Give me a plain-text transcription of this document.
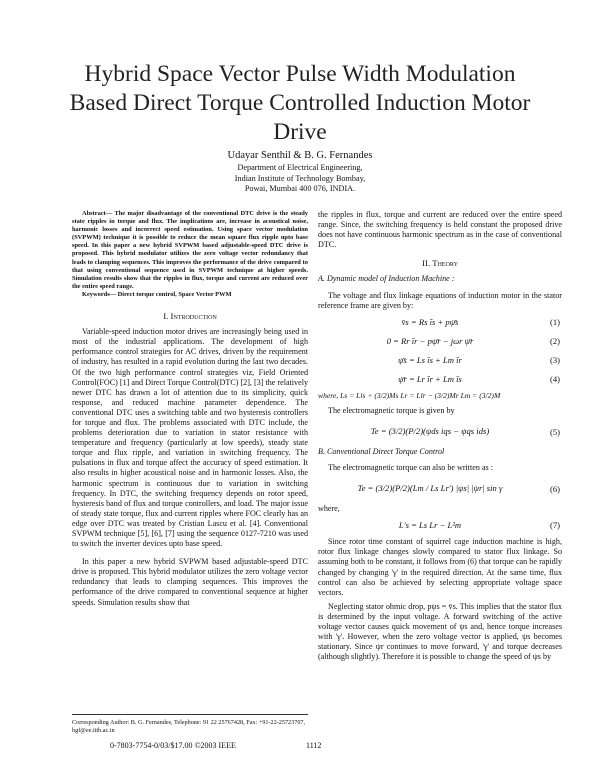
Hybrid Space Vector Pulse Width Modulation
Based Direct Torque Controlled Induction Motor
Drive
Udayar Senthil & B. G. Fernandes
Department of Electrical Engineering,
Indian Institute of Technology Bombay,
Powai, Mumbai 400 076, INDIA.

Abstract— The major disadvantage of the conventional DTC drive is the steady state ripples in torque and flux. The implications are, increase in acoustical noise, harmonic losses and incorrect speed estimation. Using space vector modulation (SVPWM) technique it is possible to reduce the mean square flux ripple upto base speed. In this paper a new hybrid SVPWM based adjustable-speed DTC drive is proposed. This hybrid modulator utilizes the zero voltage vector redundancy that leads to clamping sequences. This improves the performance of the drive compared to that using conventional sequence used in SVPWM technique at higher speeds. Simulation results show that the ripples in flux, torque and current are reduced over the entire speed range.

Keywords— Direct torque control, Space Vector PWM

I. Introduction

Variable-speed induction motor drives are increasingly being used in most of the industrial applications. The development of high performance control strategies for AC drives, driven by the requirement of industry, has resulted in a rapid evolution during the last two decades. Of the two high performance control strategies viz, Field Oriented Control(FOC) [1] and Direct Torque Control(DTC) [2], [3] the relatively newer DTC has drawn a lot of attention due to its simplicity, quick response, and reduced machine parameter dependence. The conventional DTC uses a switching table and two hysteresis controllers for torque and flux. The problems associated with DTC include, the problems deterioration due to variation in stator resistance with temperature and frequency (particularly at low speeds), steady state torque and flux ripple, and variation in switching frequency. The pulsations in flux and torque affect the accuracy of speed estimation. It also results in higher acoustical noise and in harmonic losses. Also, the harmonic spectrum is continuous due to variation in switching frequency. In DTC, the switching frequency depends on rotor speed, hysteresis band of flux and torque controllers, and load. The major issue of steady state torque, flux and current ripples where FOC clearly has an edge over DTC was treated by Cristian Lascu et al. [4]. Conventional SVPWM technique [5], [6], [7] using the sequence 0127-7210 was used to switch the inverter devices upto base speed.

In this paper a new hybrid SVPWM based adjustable-speed DTC drive is proposed. This hybrid modulator utilizes the zero voltage vector redundancy that leads to clamping sequences. This improves the performance of the drive compared to conventional sequence at higher speeds. Simulation results show that

Corresponding Author: B. G. Fernandes, Telephone: 91 22 25767428, Fax: +91-22-25723707, bgf@ee.iitb.ac.in

the ripples in flux, torque and current are reduced over the entire speed range. Since, the switching frequency is held constant the proposed drive does not have continuous harmonic spectrum as in the case of conventional DTC.

II. Theory
A. Dynamic model of Induction Machine :

The voltage and flux linkage equations of induction motor in the stator reference frame are given by:

v̄s = Rs īs + pψ̄s	(1)
0 = Rr īr − pψ̄r − jωr ψ̄r	(2)
ψ̄s = Ls īs + Lm īr	(3)
ψ̄r = Lr īr + Lm īs	(4)

where, Ls = Lls + (3/2)Ms Lr = Llr − (3/2)Mr Lm = (3/2)M

The electromagnetic torque is given by

Te = (3/2)(P/2)(ψds iqs − ψqs ids)	(5)
B. Conventional Direct Torque Control

The electromagnetic torque can also be written as :

Te = (3/2)(P/2)(Lm / Ls Lr′) |ψs| |ψr| sin γ	(6)

where,

L′s = Ls Lr − L²m	(7)

Since rotor time constant of squirrel cage induction machine is high, rotor flux linkage changes slowly compared to stator flux linkage. So assuming both to be constant, it follows from (6) that torque can be rapidly changed by changing 'γ' in the required direction. At the same time, flux control can also be achieved by selecting appropriate voltage space vectors.

Neglecting stator ohmic drop, pψs = v̄s. This implies that the stator flux is determined by the input voltage. A forward switching of the active voltage vector causes quick movement of ψs and, hence torque increases with 'γ'. However, when the zero voltage vector is applied, ψs becomes stationary. Since ψr continues to move forward, 'γ' and torque decreases (although slightly). Therefore it is possible to change the speed of ψs by

0-7803-7754-0/03/$17.00 ©2003 IEEE	1112
